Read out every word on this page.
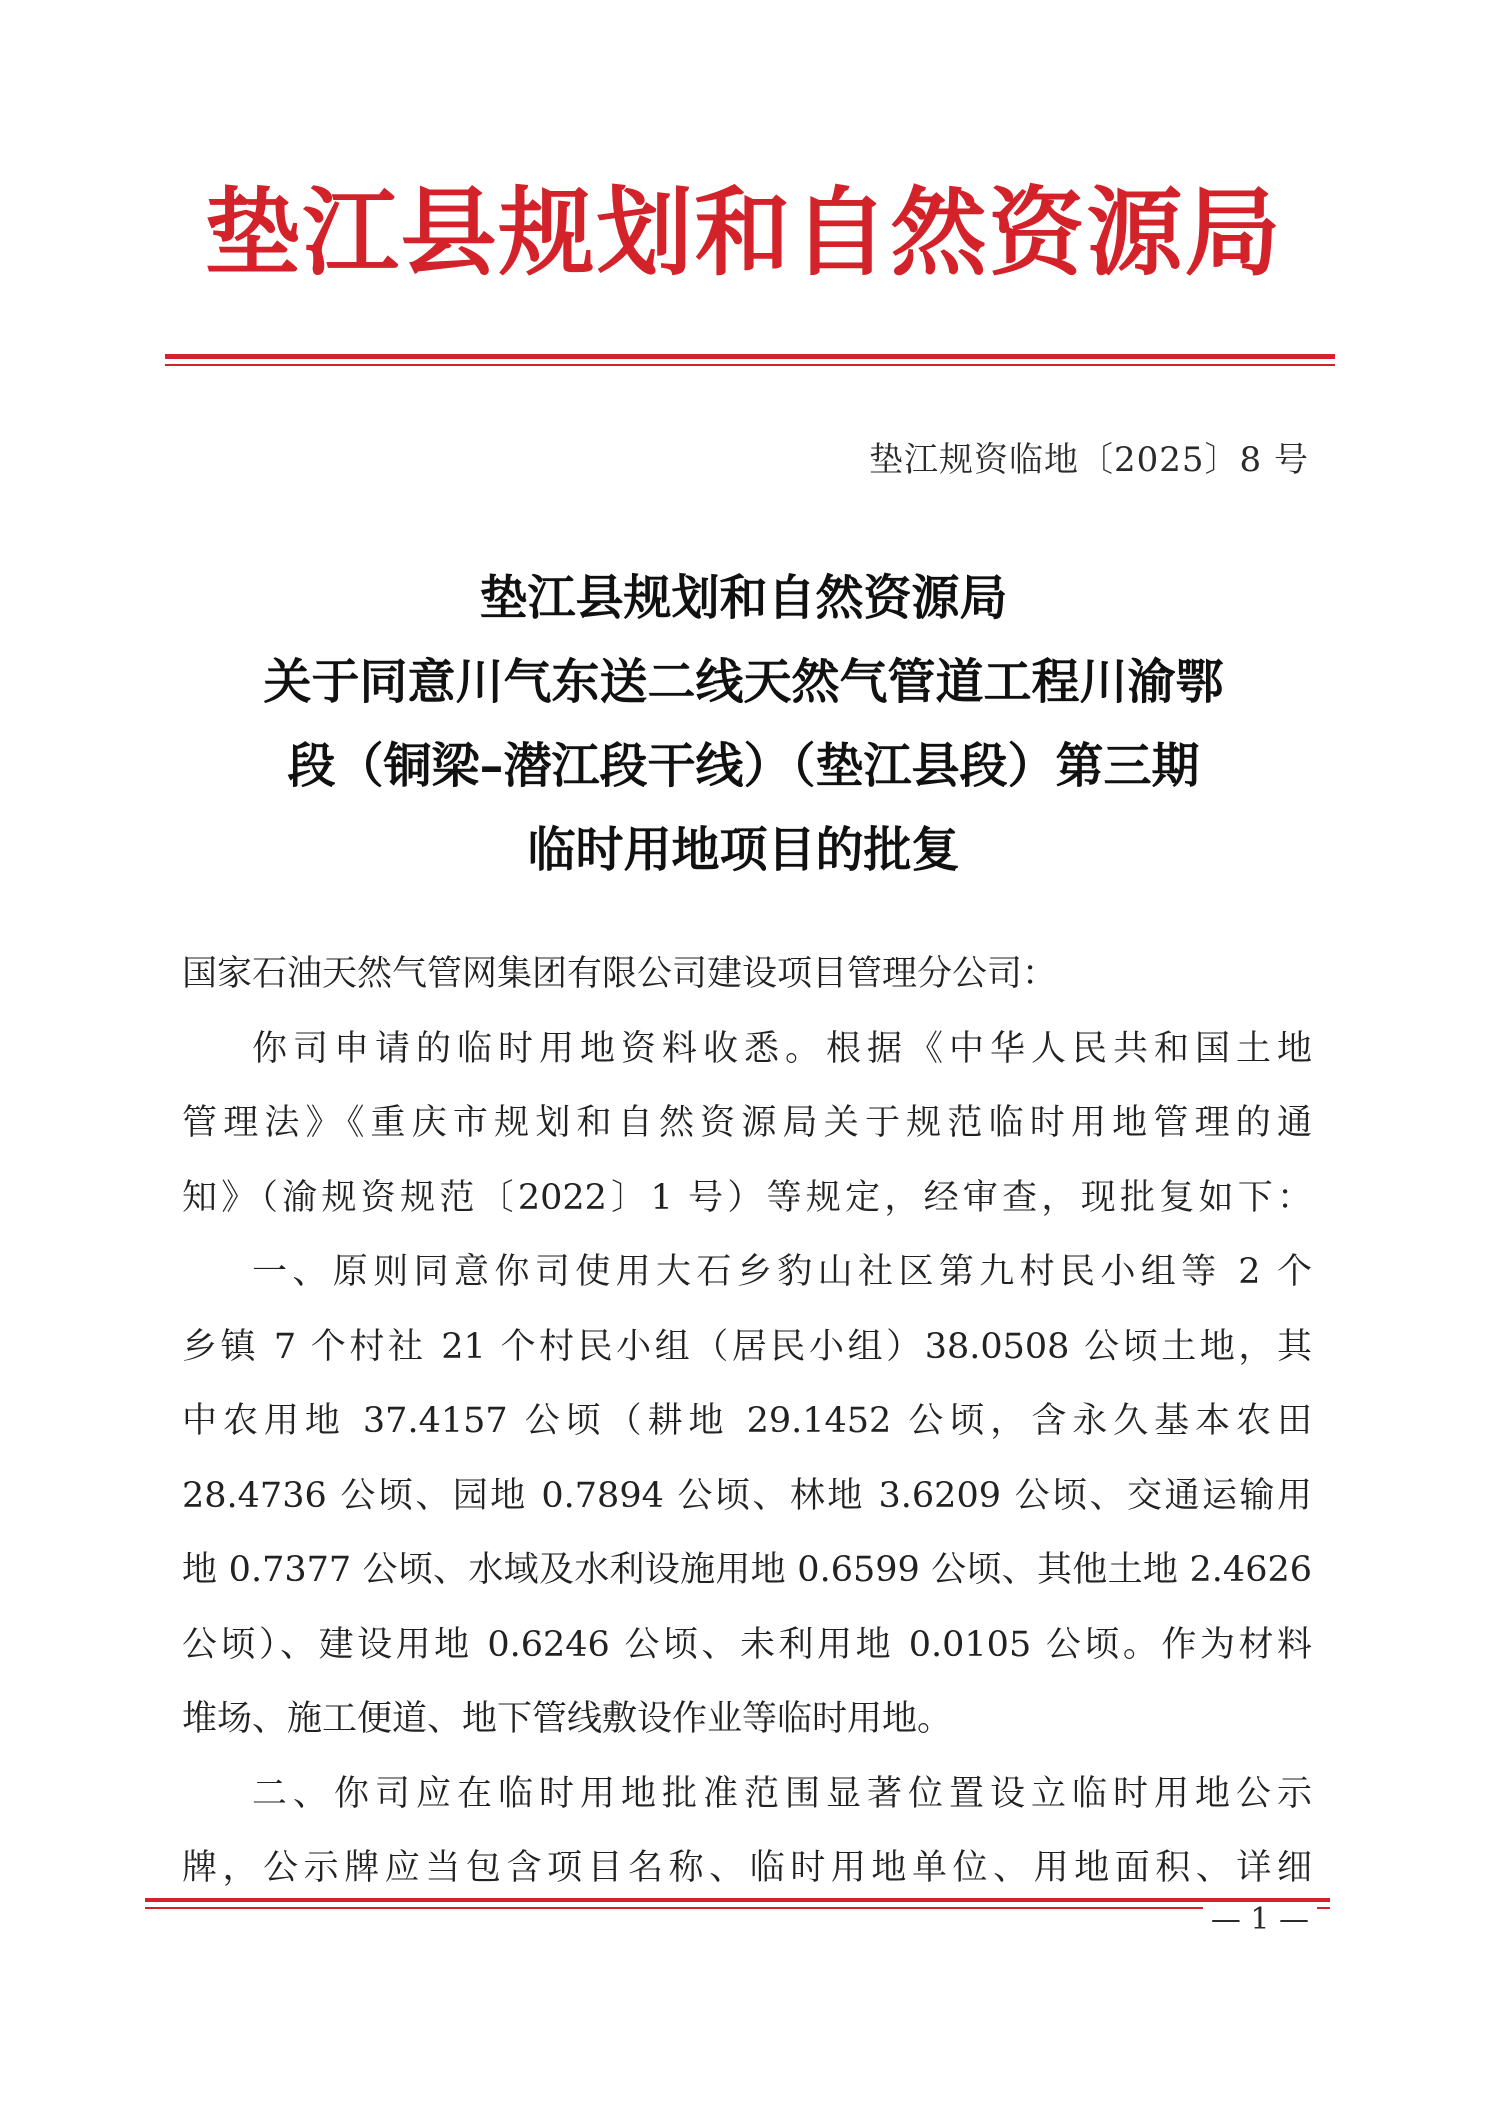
垫江县规划和自然资源局
垫江规资临地〔2025〕8 号
垫江县规划和自然资源局
关于同意川气东送二线天然气管道工程川渝鄂
段（铜梁–潜江段干线）（垫江县段）第三期
临时用地项目的批复
国家石油天然气管网集团有限公司建设项目管理分公司：
你司申请的临时用地资料收悉。根据《中华人民共和国土地
管理法》《重庆市规划和自然资源局关于规范临时用地管理的通
知》（渝规资规范〔2022〕1 号）等规定，经审查，现批复如下：
一、原则同意你司使用大石乡豹山社区第九村民小组等 2 个
乡镇 7 个村社 21 个村民小组（居民小组）38.0508 公顷土地，其
中农用地 37.4157 公顷（耕地 29.1452 公顷，含永久基本农田
28.4736 公顷、园地 0.7894 公顷、林地 3.6209 公顷、交通运输用
地 0.7377 公顷、水域及水利设施用地 0.6599 公顷、其他土地 2.4626
公顷）、建设用地 0.6246 公顷、未利用地 0.0105 公顷。作为材料
堆场、施工便道、地下管线敷设作业等临时用地。
二、你司应在临时用地批准范围显著位置设立临时用地公示
牌，公示牌应当包含项目名称、临时用地单位、用地面积、详细
— 1 —
